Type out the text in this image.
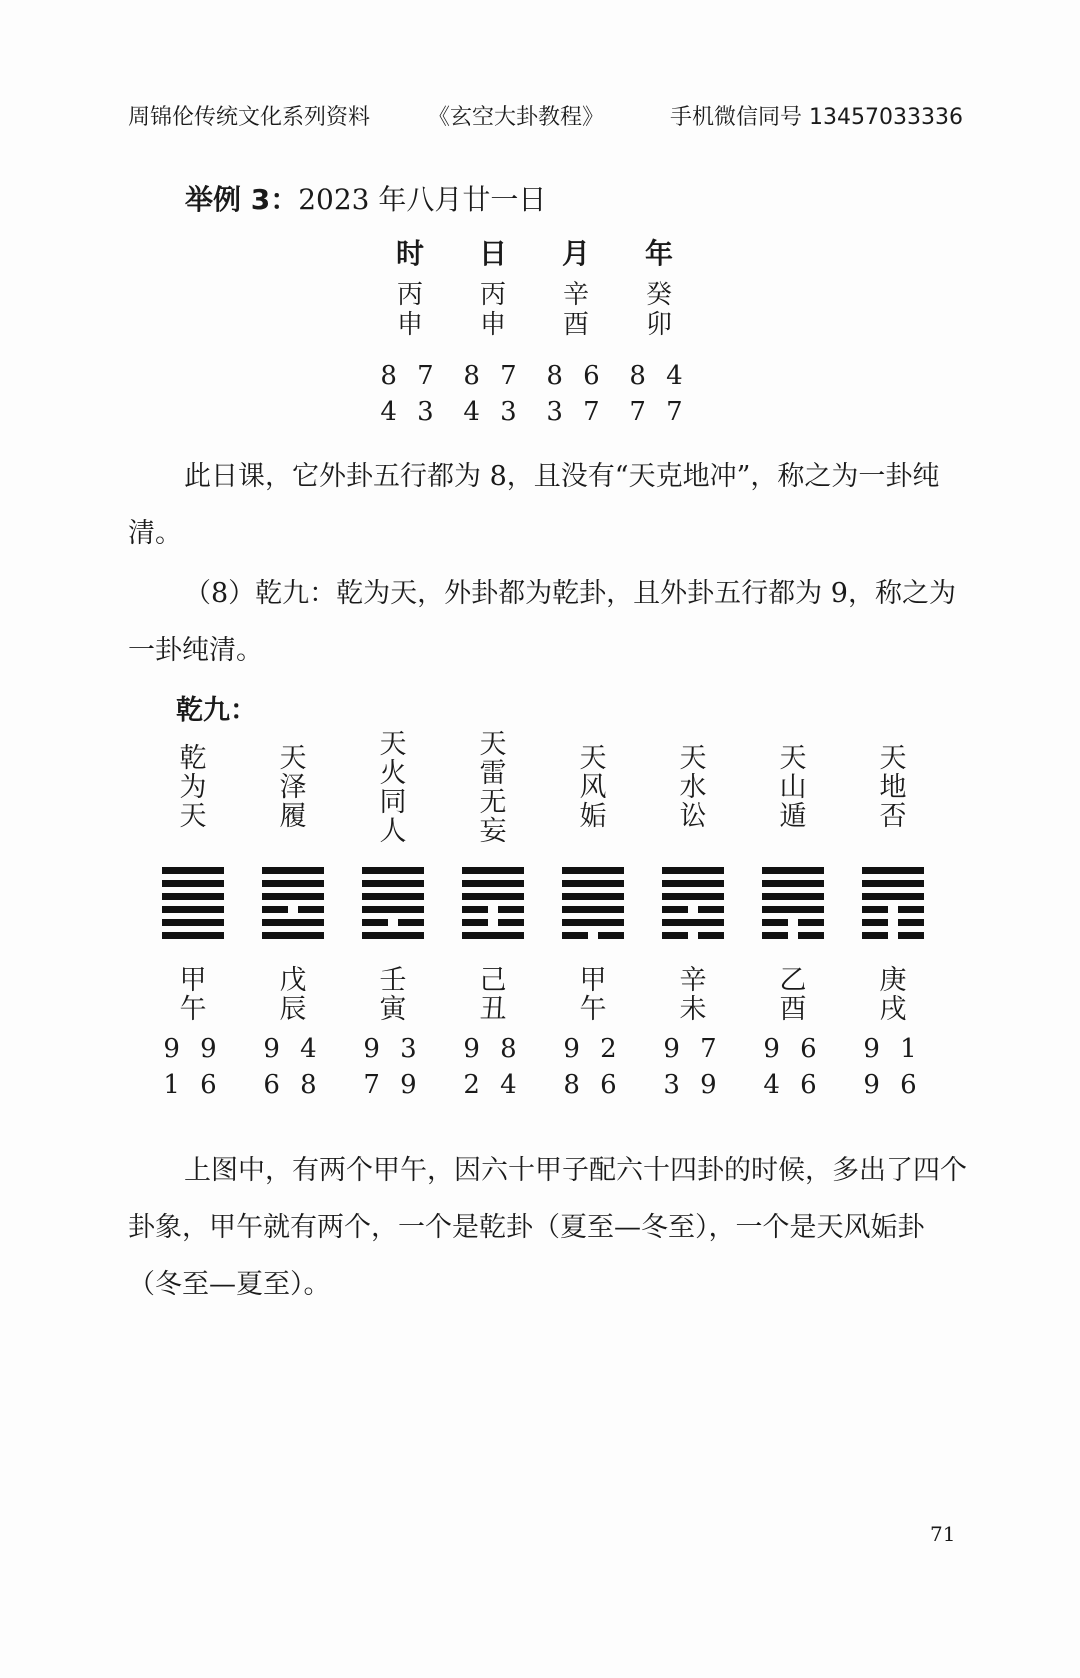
周锦伦传统文化系列资料	《玄空大卦教程》	手机微信同号 13457033336
举例 3：2023 年八月廿一日
时
丙
申
8 7
4 3
日
丙
申
8 7
4 3
月
辛
酉
8 6
3 7
年
癸
卯
8 4
7 7
此日课，它外卦五行都为 8，且没有“天克地冲”，称之为一卦纯清。
（8）乾九：乾为天，外卦都为乾卦，且外卦五行都为 9，称之为一卦纯清。
乾九：
乾
为
天
甲
午
9 9
1 6
天
泽
履
戊
辰
9 4
6 8
天
火
同
人
壬
寅
9 3
7 9
天
雷
无
妄
己
丑
9 8
2 4
天
风
姤
甲
午
9 2
8 6
天
水
讼
辛
未
9 7
3 9
天
山
遁
乙
酉
9 6
4 6
天
地
否
庚
戌
9 1
9 6
上图中，有两个甲午，因六十甲子配六十四卦的时候，多出了四个卦象，甲午就有两个，一个是乾卦（夏至—冬至），一个是天风姤卦（冬至—夏至）。
71
